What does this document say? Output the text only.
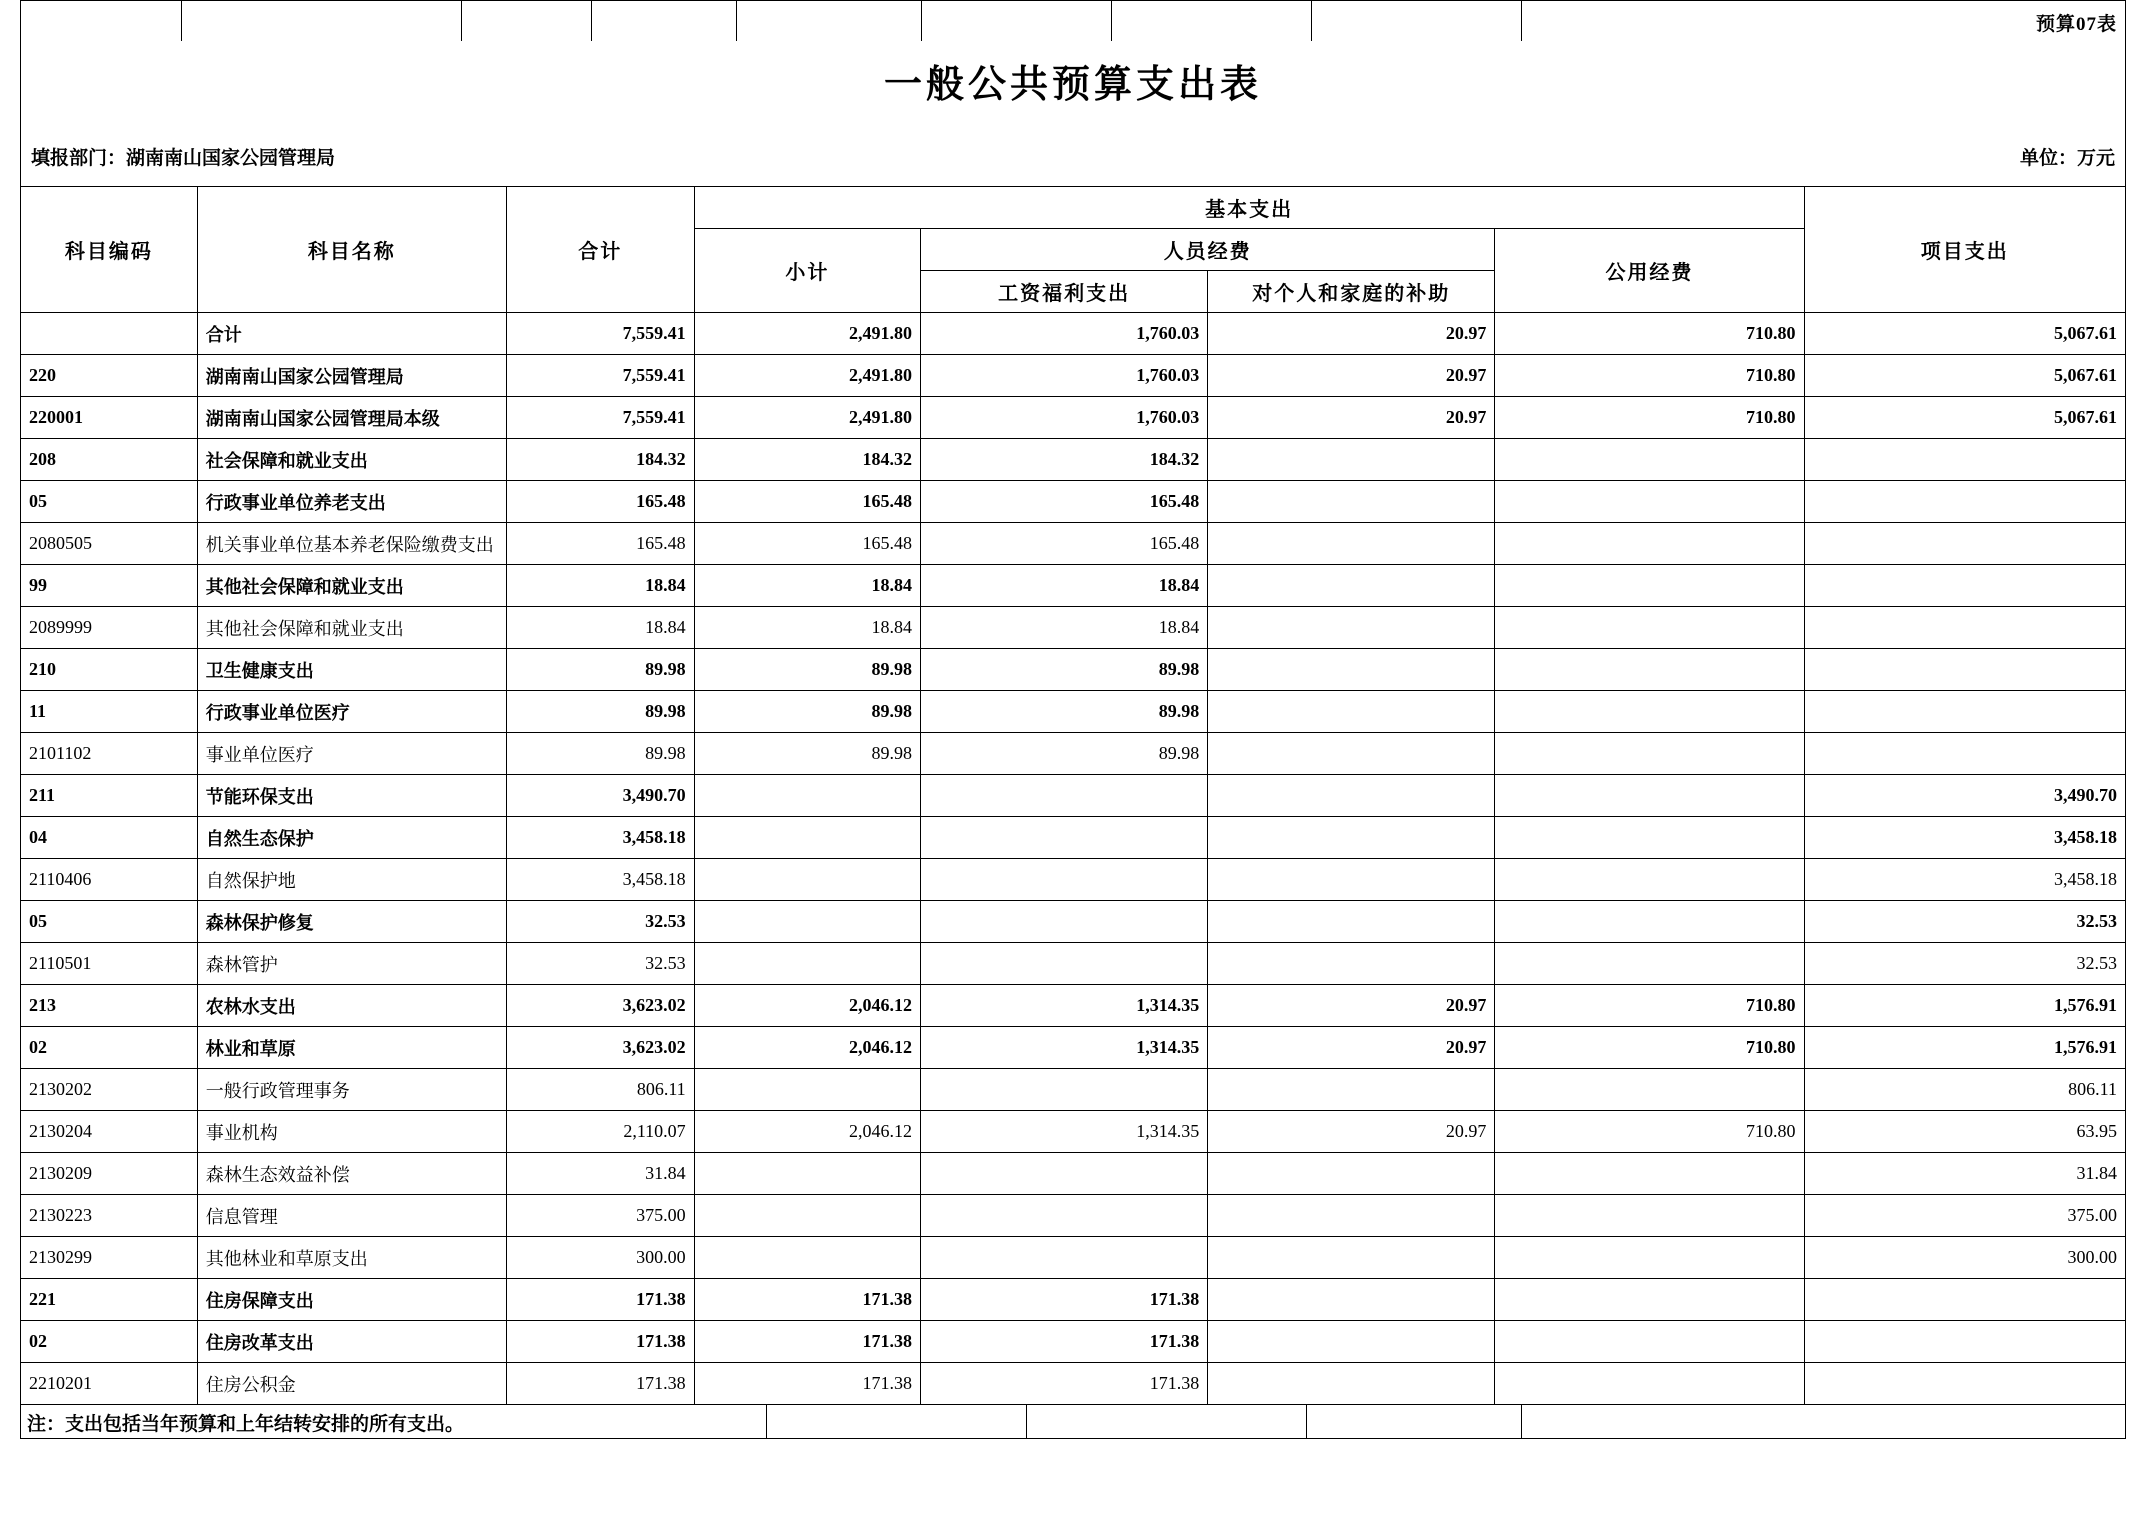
预算07表
一般公共预算支出表
填报部门：湖南南山国家公园管理局	单位：万元
科目编码	科目名称	合计	基本支出				项目支出
			小计	人员经费		公用经费	
				工资福利支出	对个人和家庭的补助		
	合计	7,559.41	2,491.80	1,760.03	20.97	710.80	5,067.61
220	湖南南山国家公园管理局	7,559.41	2,491.80	1,760.03	20.97	710.80	5,067.61
220001	湖南南山国家公园管理局本级	7,559.41	2,491.80	1,760.03	20.97	710.80	5,067.61
208	社会保障和就业支出	184.32	184.32	184.32			
05	行政事业单位养老支出	165.48	165.48	165.48			
2080505	机关事业单位基本养老保险缴费支出	165.48	165.48	165.48			
99	其他社会保障和就业支出	18.84	18.84	18.84			
2089999	其他社会保障和就业支出	18.84	18.84	18.84			
210	卫生健康支出	89.98	89.98	89.98			
11	行政事业单位医疗	89.98	89.98	89.98			
2101102	事业单位医疗	89.98	89.98	89.98			
211	节能环保支出	3,490.70					3,490.70
04	自然生态保护	3,458.18					3,458.18
2110406	自然保护地	3,458.18					3,458.18
05	森林保护修复	32.53					32.53
2110501	森林管护	32.53					32.53
213	农林水支出	3,623.02	2,046.12	1,314.35	20.97	710.80	1,576.91
02	林业和草原	3,623.02	2,046.12	1,314.35	20.97	710.80	1,576.91
2130202	一般行政管理事务	806.11					806.11
2130204	事业机构	2,110.07	2,046.12	1,314.35	20.97	710.80	63.95
2130209	森林生态效益补偿	31.84					31.84
2130223	信息管理	375.00					375.00
2130299	其他林业和草原支出	300.00					300.00
221	住房保障支出	171.38	171.38	171.38			
02	住房改革支出	171.38	171.38	171.38			
2210201	住房公积金	171.38	171.38	171.38			
注：支出包括当年预算和上年结转安排的所有支出。
